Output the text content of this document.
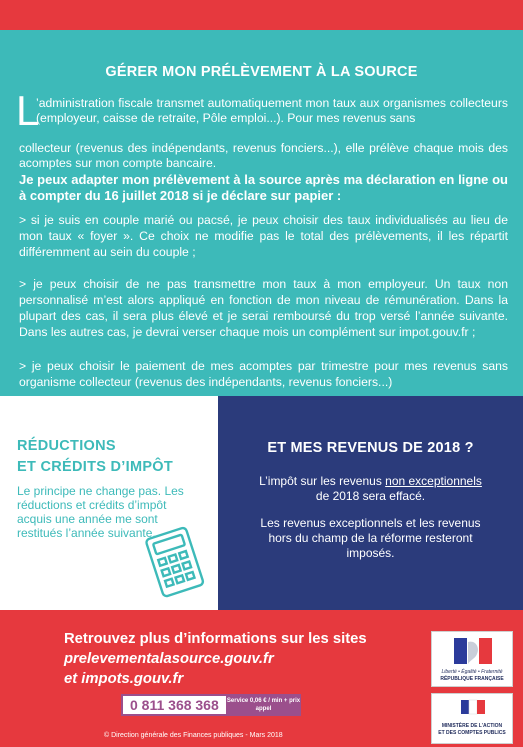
GÉRER MON PRÉLÈVEMENT À LA SOURCE
L
’administration fiscale transmet automatiquement mon taux aux organismes collecteurs (employeur, caisse de retraite, Pôle emploi...). Pour mes revenus sans
collecteur (revenus des indépendants, revenus fonciers...), elle prélève chaque mois des acomptes sur mon compte bancaire.
Je peux adapter mon prélèvement à la source après ma déclaration en ligne ou à compter du 16 juillet 2018 si je déclare sur papier :
> si je suis en couple marié ou pacsé, je peux choisir des taux individualisés au lieu de mon taux « foyer ». Ce choix ne modifie pas le total des prélèvements, il les répartit différemment au sein du couple ;
> je peux choisir de ne pas transmettre mon taux à mon employeur. Un taux non personnalisé m’est alors appliqué en fonction de mon niveau de rémunération. Dans la plupart des cas, il sera plus élevé et je serai remboursé du trop versé l’année suivante. Dans les autres cas, je devrai verser chaque mois un complément sur impot.gouv.fr ;
> je peux choisir le paiement de mes acomptes par trimestre pour mes revenus sans organisme collecteur (revenus des indépendants, revenus fonciers...)
RÉDUCTIONS
ET CRÉDITS D’IMPÔT
Le principe ne change pas. Les réductions et crédits d’impôt acquis une année me sont restitués l’année suivante.
ET MES REVENUS DE 2018 ?
L’impôt sur les revenus non exceptionnels
de 2018 sera effacé.
Les revenus exceptionnels et les revenus hors du champ de la réforme resteront imposés.
Retrouvez plus d’informations sur les sites
prelevementalasource.gouv.fr
et impots.gouv.fr
0 811 368 368 Service 0,06 € / min + prix appel
© Direction générale des Finances publiques - Mars 2018
Liberté • Égalité • Fraternité
RÉPUBLIQUE FRANÇAISE
MINISTÈRE DE L’ACTION
ET DES COMPTES PUBLICS
